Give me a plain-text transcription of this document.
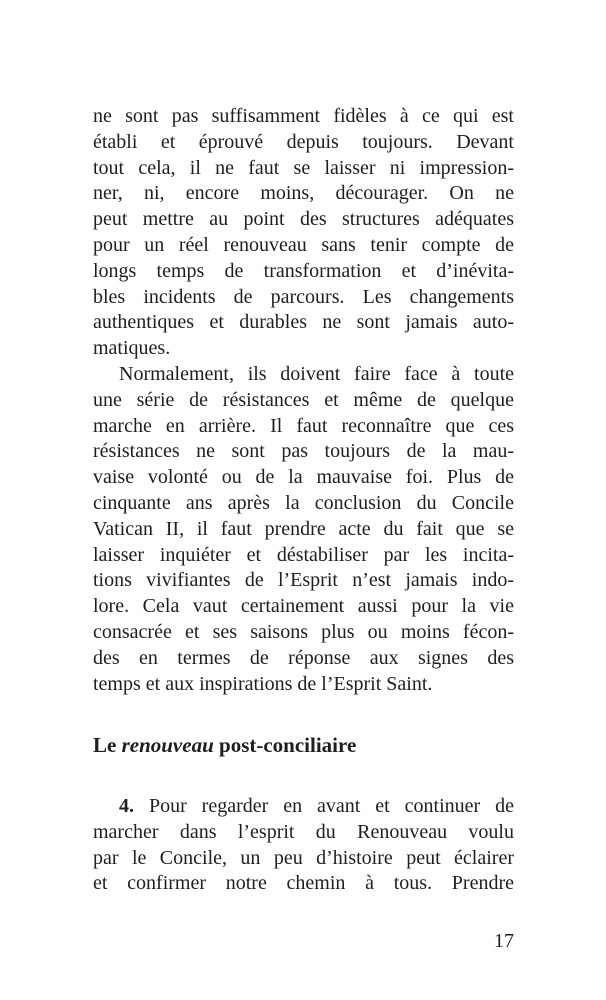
ne sont pas suffisamment fidèles à ce qui est
établi et éprouvé depuis toujours. Devant
tout cela, il ne faut se laisser ni impression-
ner, ni, encore moins, décourager. On ne
peut mettre au point des structures adéquates
pour un réel renouveau sans tenir compte de
longs temps de transformation et d’inévita-
bles incidents de parcours. Les changements
authentiques et durables ne sont jamais auto-
matiques.
Normalement, ils doivent faire face à toute
une série de résistances et même de quelque
marche en arrière. Il faut reconnaître que ces
résistances ne sont pas toujours de la mau-
vaise volonté ou de la mauvaise foi. Plus de
cinquante ans après la conclusion du Concile
Vatican II, il faut prendre acte du fait que se
laisser inquiéter et déstabiliser par les incita-
tions vivifiantes de l’Esprit n’est jamais indo-
lore. Cela vaut certainement aussi pour la vie
consacrée et ses saisons plus ou moins fécon-
des en termes de réponse aux signes des
temps et aux inspirations de l’Esprit Saint.
Le renouveau post-conciliaire
4. Pour regarder en avant et continuer de
marcher dans l’esprit du Renouveau voulu
par le Concile, un peu d’histoire peut éclairer
et confirmer notre chemin à tous. Prendre
17
